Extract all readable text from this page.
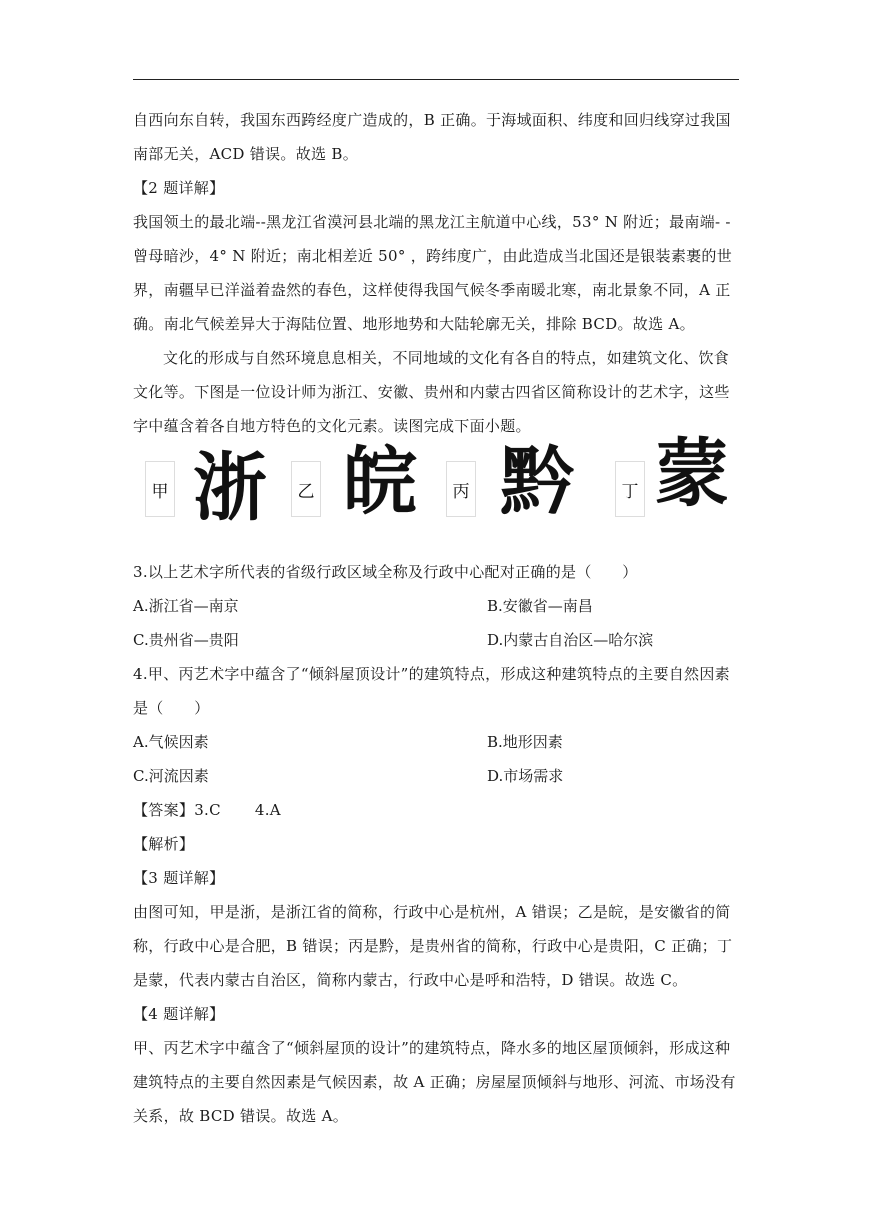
自西向东自转，我国东西跨经度广造成的，B 正确。于海域面积、纬度和回归线穿过我国南部无关，ACD 错误。故选 B。

【2 题详解】

我国领土的最北端--黑龙江省漠河县北端的黑龙江主航道中心线，53° N 附近；最南端- -曾母暗沙，4° N 附近；南北相差近 50° ，跨纬度广，由此造成当北国还是银装素裹的世界，南疆早已洋溢着盎然的春色，这样使得我国气候冬季南暖北寒，南北景象不同，A 正确。南北气候差异大于海陆位置、地形地势和大陆轮廓无关，排除 BCD。故选 A。

文化的形成与自然环境息息相关，不同地域的文化有各自的特点，如建筑文化、饮食文化等。下图是一位设计师为浙江、安徽、贵州和内蒙古四省区简称设计的艺术字，这些字中蕴含着各自地方特色的文化元素。读图完成下面小题。

甲 浙	乙 皖	丙 黔	丁 蒙

3.以上艺术字所代表的省级行政区域全称及行政中心配对正确的是（　　）

A.浙江省—南京	B.安徽省—南昌
C.贵州省—贵阳	D.内蒙古自治区—哈尔滨

4.甲、丙艺术字中蕴含了“倾斜屋顶设计”的建筑特点，形成这种建筑特点的主要自然因素是（　　）

A.气候因素	B.地形因素
C.河流因素	D.市场需求

【答案】3.C 4.A

【解析】

【3 题详解】

由图可知，甲是浙，是浙江省的简称，行政中心是杭州，A 错误；乙是皖，是安徽省的简称，行政中心是合肥，B 错误；丙是黔，是贵州省的简称，行政中心是贵阳，C 正确；丁是蒙，代表内蒙古自治区，简称内蒙古，行政中心是呼和浩特，D 错误。故选 C。

【4 题详解】

甲、丙艺术字中蕴含了“倾斜屋顶的设计”的建筑特点，降水多的地区屋顶倾斜，形成这种建筑特点的主要自然因素是气候因素，故 A 正确；房屋屋顶倾斜与地形、河流、市场没有关系，故 BCD 错误。故选 A。
